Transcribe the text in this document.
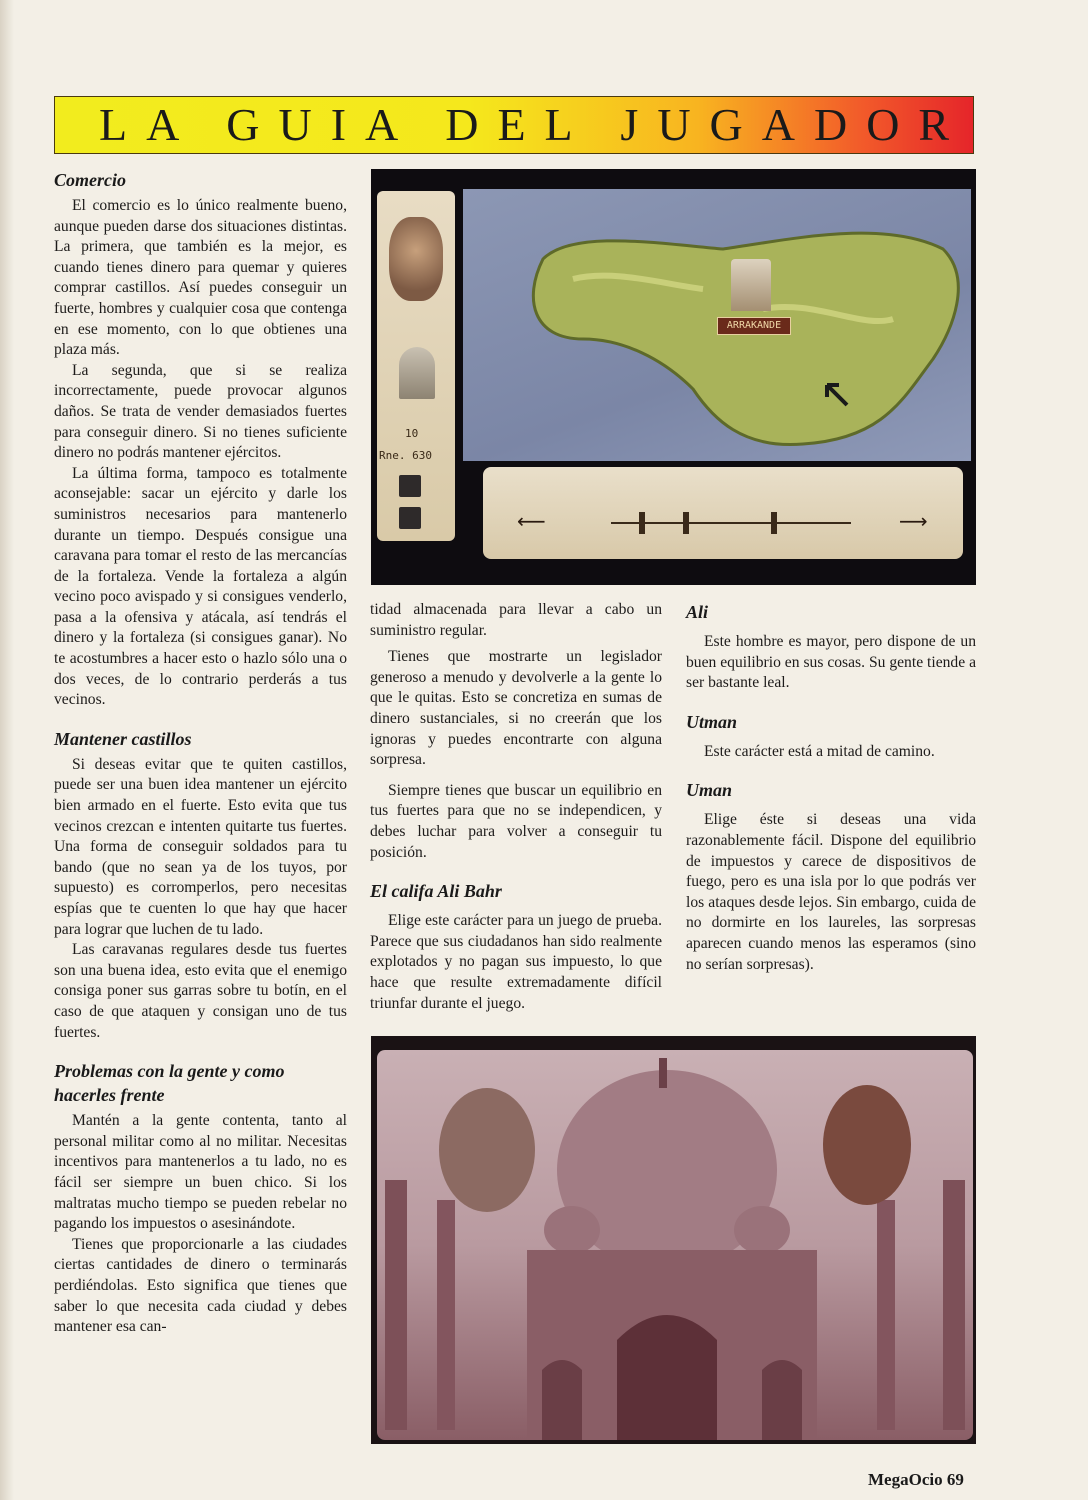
LA GUIA DEL JUGADOR
Comercio

El comercio es lo único realmente bueno, aunque pueden darse dos situaciones distintas. La primera, que también es la mejor, es cuando tienes dinero para quemar y quieres comprar castillos. Así puedes conseguir un fuerte, hombres y cualquier cosa que contenga en ese momento, con lo que obtienes una plaza más.

La segunda, que si se realiza incorrectamente, puede provocar algunos daños. Se trata de vender demasiados fuertes para conseguir dinero. Si no tienes suficiente dinero no podrás mantener ejércitos.

La última forma, tampoco es totalmente aconsejable: sacar un ejército y darle los suministros necesarios para mantenerlo durante un tiempo. Después consigue una caravana para tomar el resto de las mercancías de la fortaleza. Vende la fortaleza a algún vecino poco avispado y si consigues venderlo, pasa a la ofensiva y atácala, así tendrás el dinero y la fortaleza (si consigues ganar). No te acostumbres a hacer esto o hazlo sólo una o dos veces, de lo contrario perderás a tus vecinos.

Mantener castillos

Si deseas evitar que te quiten castillos, puede ser una buen idea mantener un ejército bien armado en el fuerte. Esto evita que tus vecinos crezcan e intenten quitarte tus fuertes. Una forma de conseguir soldados para tu bando (que no sean ya de los tuyos, por supuesto) es corromperlos, pero necesitas espías que te cuenten lo que hay que hacer para lograr que luchen de tu lado.

Las caravanas regulares desde tus fuertes son una buena idea, esto evita que el enemigo consiga poner sus garras sobre tu botín, en el caso de que ataquen y consigan uno de tus fuertes.

Problemas con la gente y como hacerles frente

Mantén a la gente contenta, tanto al personal militar como al no militar. Necesitas incentivos para mantenerlos a tu lado, no es fácil ser siempre un buen chico. Si los maltratas mucho tiempo se pueden rebelar no pagando los impuestos o asesinándote.

Tienes que proporcionarle a las ciudades ciertas cantidades de dinero o terminarás perdiéndolas. Esto significa que tienes que saber lo que necesita cada ciudad y debes mantener esa can-

10
Rne. 630
ARRAKANDE
⟵	⟶

tidad almacenada para llevar a cabo un suministro regular.

Tienes que mostrarte un legislador generoso a menudo y devolverle a la gente lo que le quitas. Esto se concretiza en sumas de dinero sustanciales, si no creerán que los ignoras y puedes encontrarte con alguna sorpresa.

Siempre tienes que buscar un equilibrio en tus fuertes para que no se independicen, y debes luchar para volver a conseguir tu posición.

El califa Ali Bahr

Elige este carácter para un juego de prueba. Parece que sus ciudadanos han sido realmente explotados y no pagan sus impuesto, lo que hace que resulte extremadamente difícil triunfar durante el juego.

Ali

Este hombre es mayor, pero dispone de un buen equilibrio en sus cosas. Su gente tiende a ser bastante leal.

Utman

Este carácter está a mitad de camino.

Uman

Elige éste si deseas una vida razonablemente fácil. Dispone del equilibrio de impuestos y carece de dispositivos de fuego, pero es una isla por lo que podrás ver los ataques desde lejos. Sin embargo, cuida de no dormirte en los laureles, las sorpresas aparecen cuando menos las esperamos (sino no serían sorpresas).

MegaOcio 69
